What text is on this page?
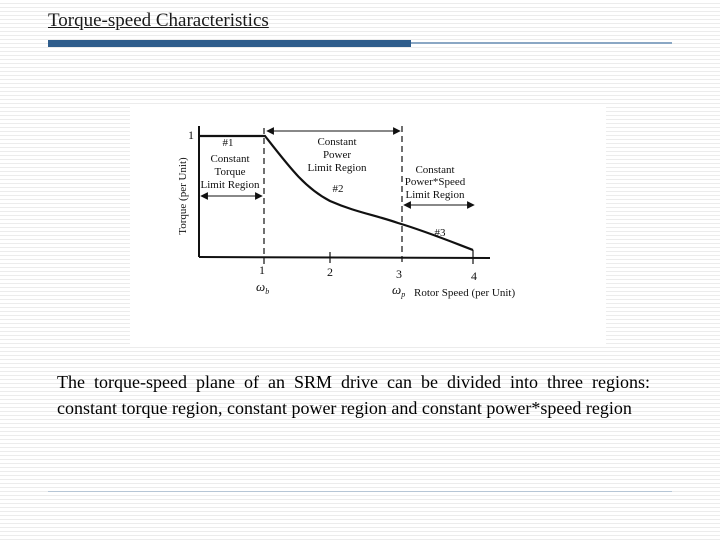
Torque-speed Characteristics
1
Torque (per Unit)
#1
Constant
Torque
Limit Region
Constant
Power
Limit Region
#2
Constant
Power*Speed
Limit Region
#3
1	2	3	4
$\omega_b$	$\omega_p$ Rotor Speed (per Unit)
The torque-speed plane of an SRM drive can be divided into three regions: constant torque region, constant power region and constant power*speed region
